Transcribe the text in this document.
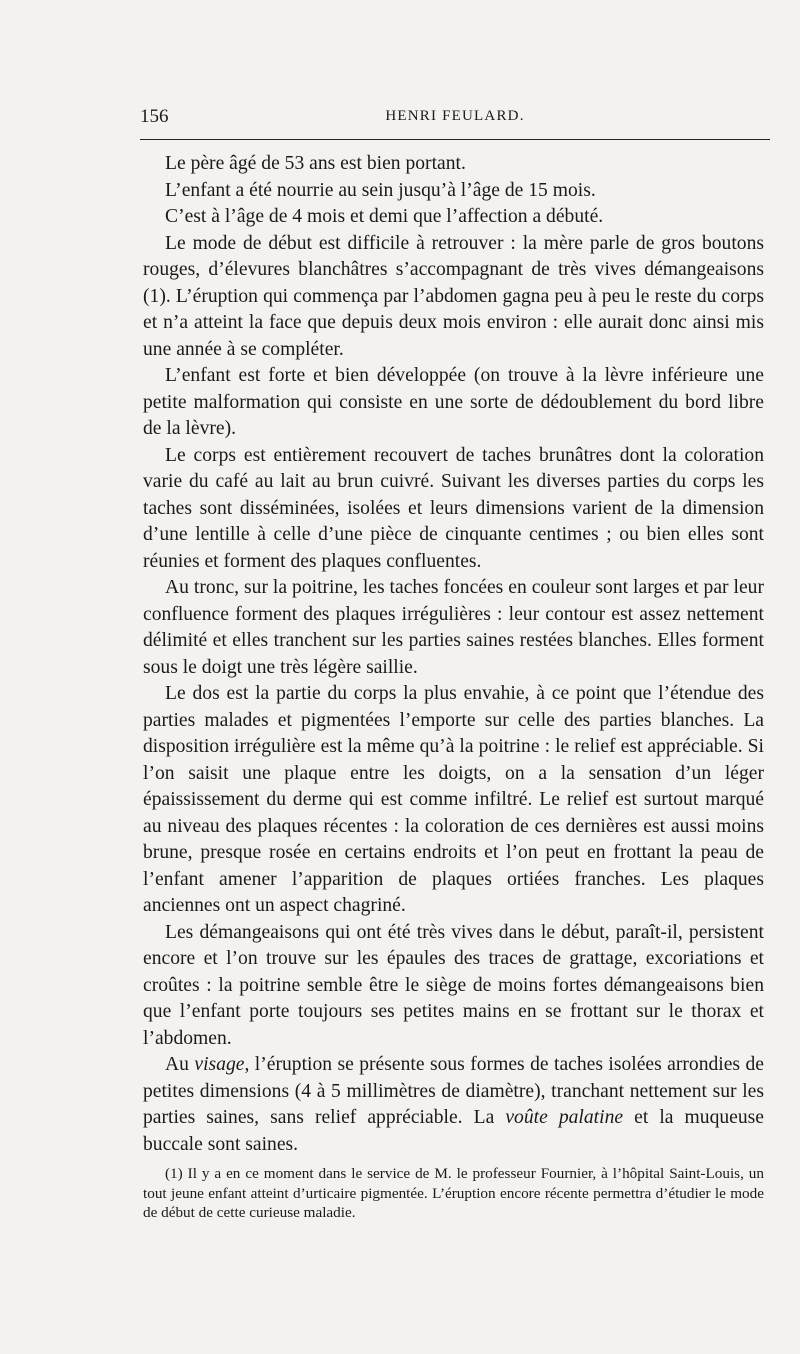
156	HENRI FEULARD.

Le père âgé de 53 ans est bien portant.

L’enfant a été nourrie au sein jusqu’à l’âge de 15 mois.

C’est à l’âge de 4 mois et demi que l’affection a débuté.

Le mode de début est difficile à retrouver : la mère parle de gros boutons rouges, d’élevures blanchâtres s’accompagnant de très vives démangeaisons (1). L’éruption qui commença par l’abdomen gagna peu à peu le reste du corps et n’a atteint la face que depuis deux mois environ : elle aurait donc ainsi mis une année à se compléter.

L’enfant est forte et bien développée (on trouve à la lèvre inférieure une petite malformation qui consiste en une sorte de dédoublement du bord libre de la lèvre).

Le corps est entièrement recouvert de taches brunâtres dont la coloration varie du café au lait au brun cuivré. Suivant les diverses parties du corps les taches sont disséminées, isolées et leurs dimensions varient de la dimension d’une lentille à celle d’une pièce de cinquante centimes ; ou bien elles sont réunies et forment des plaques confluentes.

Au tronc, sur la poitrine, les taches foncées en couleur sont larges et par leur confluence forment des plaques irrégulières : leur contour est assez nettement délimité et elles tranchent sur les parties saines restées blanches. Elles forment sous le doigt une très légère saillie.

Le dos est la partie du corps la plus envahie, à ce point que l’étendue des parties malades et pigmentées l’emporte sur celle des parties blanches. La disposition irrégulière est la même qu’à la poitrine : le relief est appréciable. Si l’on saisit une plaque entre les doigts, on a la sensation d’un léger épaississement du derme qui est comme infiltré. Le relief est surtout marqué au niveau des plaques récentes : la coloration de ces dernières est aussi moins brune, presque rosée en certains endroits et l’on peut en frottant la peau de l’enfant amener l’apparition de plaques ortiées franches. Les plaques anciennes ont un aspect chagriné.

Les démangeaisons qui ont été très vives dans le début, paraît-il, persistent encore et l’on trouve sur les épaules des traces de grattage, excoriations et croûtes : la poitrine semble être le siège de moins fortes démangeaisons bien que l’enfant porte toujours ses petites mains en se frottant sur le thorax et l’abdomen.

Au visage, l’éruption se présente sous formes de taches isolées arrondies de petites dimensions (4 à 5 millimètres de diamètre), tranchant nettement sur les parties saines, sans relief appréciable. La voûte palatine et la muqueuse buccale sont saines.

(1) Il y a en ce moment dans le service de M. le professeur Fournier, à l’hôpital Saint-Louis, un tout jeune enfant atteint d’urticaire pigmentée. L’éruption encore récente permettra d’étudier le mode de début de cette curieuse maladie.
